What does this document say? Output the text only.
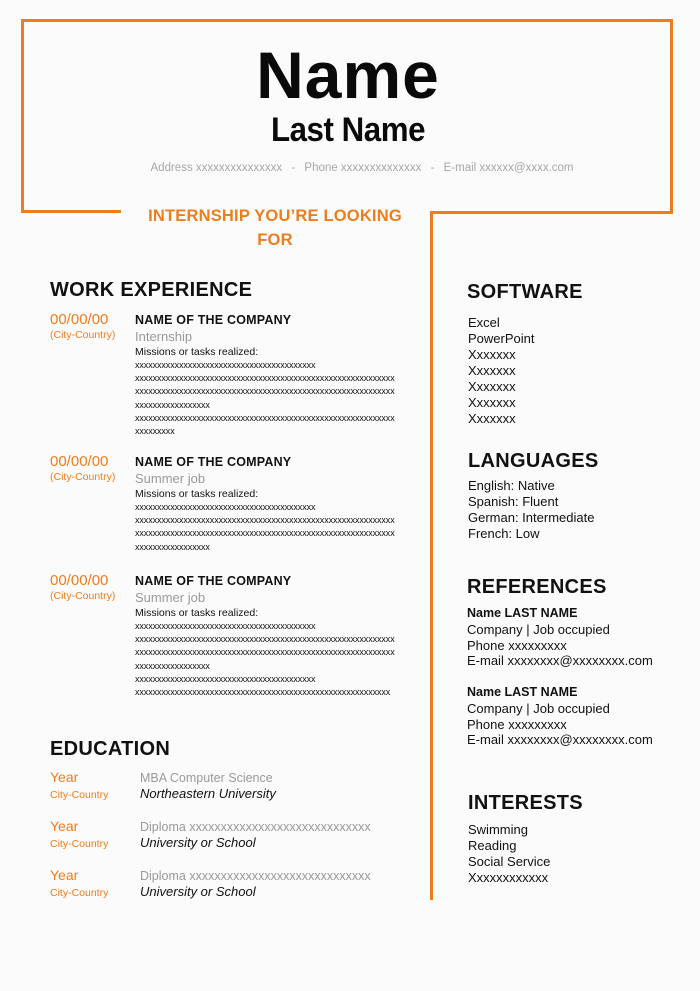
Name
Last Name
Address xxxxxxxxxxxxxxx - Phone xxxxxxxxxxxxxx - E-mail xxxxxx@xxxx.com
INTERNSHIP YOU’RE LOOKING
FOR
WORK EXPERIENCE
00/00/00
(City-Country)
NAME OF THE COMPANY
Internship
Missions or tasks realized:
xxxxxxxxxxxxxxxxxxxxxxxxxxxxxxxxxxxxxxxxx
xxxxxxxxxxxxxxxxxxxxxxxxxxxxxxxxxxxxxxxxxxxxxxxxxxxxxxxxxxx
xxxxxxxxxxxxxxxxxxxxxxxxxxxxxxxxxxxxxxxxxxxxxxxxxxxxxxxxxxx
xxxxxxxxxxxxxxxxx
xxxxxxxxxxxxxxxxxxxxxxxxxxxxxxxxxxxxxxxxxxxxxxxxxxxxxxxxxxx
xxxxxxxxx
00/00/00
(City-Country)
NAME OF THE COMPANY
Summer job
Missions or tasks realized:
xxxxxxxxxxxxxxxxxxxxxxxxxxxxxxxxxxxxxxxxx
xxxxxxxxxxxxxxxxxxxxxxxxxxxxxxxxxxxxxxxxxxxxxxxxxxxxxxxxxxx
xxxxxxxxxxxxxxxxxxxxxxxxxxxxxxxxxxxxxxxxxxxxxxxxxxxxxxxxxxx
xxxxxxxxxxxxxxxxx
00/00/00
(City-Country)
NAME OF THE COMPANY
Summer job
Missions or tasks realized:
xxxxxxxxxxxxxxxxxxxxxxxxxxxxxxxxxxxxxxxxx
xxxxxxxxxxxxxxxxxxxxxxxxxxxxxxxxxxxxxxxxxxxxxxxxxxxxxxxxxxx
xxxxxxxxxxxxxxxxxxxxxxxxxxxxxxxxxxxxxxxxxxxxxxxxxxxxxxxxxxx
xxxxxxxxxxxxxxxxx
xxxxxxxxxxxxxxxxxxxxxxxxxxxxxxxxxxxxxxxxx
xxxxxxxxxxxxxxxxxxxxxxxxxxxxxxxxxxxxxxxxxxxxxxxxxxxxxxxxxx
EDUCATION
Year
City-Country
MBA Computer Science
Northeastern University
Year
City-Country
Diploma xxxxxxxxxxxxxxxxxxxxxxxxxxxxx
University or School
Year
City-Country
Diploma xxxxxxxxxxxxxxxxxxxxxxxxxxxxx
University or School
SOFTWARE
Excel
PowerPoint
Xxxxxxx
Xxxxxxx
Xxxxxxx
Xxxxxxx
Xxxxxxx
LANGUAGES
English: Native
Spanish: Fluent
German: Intermediate
French: Low
REFERENCES
Name LAST NAME
Company | Job occupied
Phone xxxxxxxxx
E-mail xxxxxxxx@xxxxxxxx.com
Name LAST NAME
Company | Job occupied
Phone xxxxxxxxx
E-mail xxxxxxxx@xxxxxxxx.com
INTERESTS
Swimming
Reading
Social Service
Xxxxxxxxxxxx
